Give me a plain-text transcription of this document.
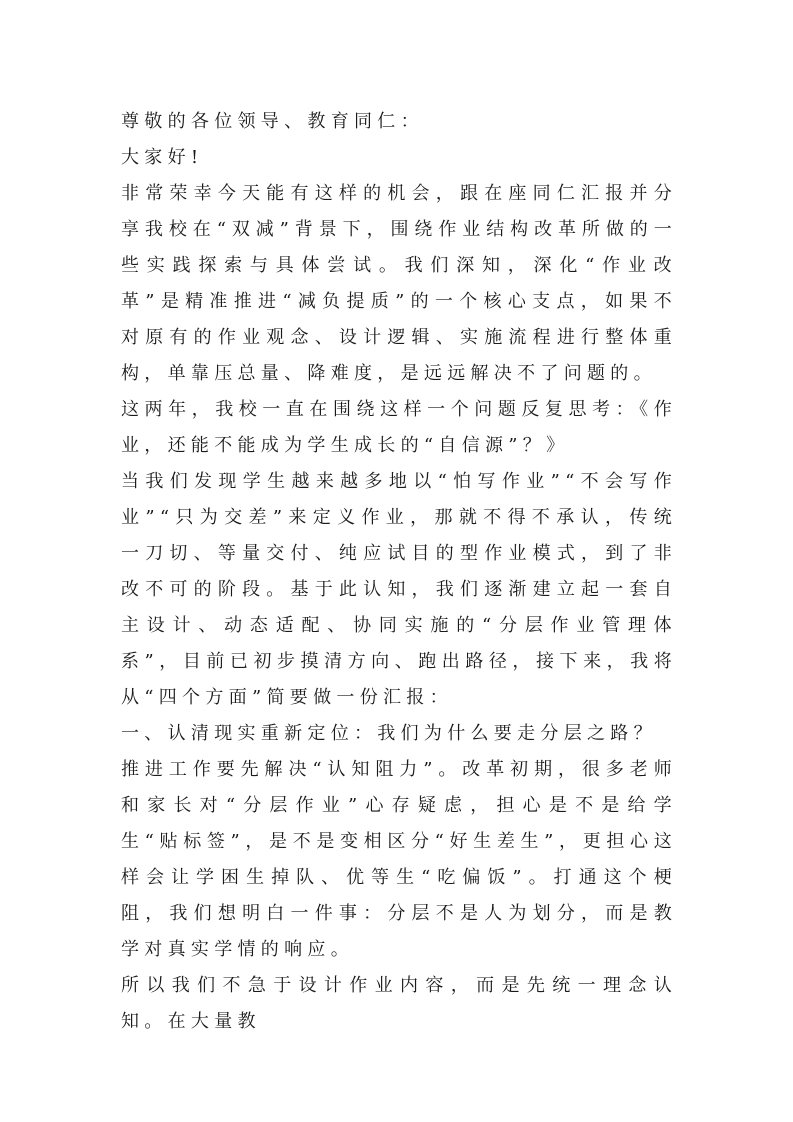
尊敬的各位领导、教育同仁：

大家好!

非常荣幸今天能有这样的机会，跟在座同仁汇报并分享我校在“双减”背景下，围绕作业结构改革所做的一些实践探索与具体尝试。我们深知，深化“作业改革”是精准推进“减负提质”的一个核心支点，如果不对原有的作业观念、设计逻辑、实施流程进行整体重构，单靠压总量、降难度，是远远解决不了问题的。

这两年，我校一直在围绕这样一个问题反复思考：《作业，还能不能成为学生成长的“自信源”？》

当我们发现学生越来越多地以“怕写作业”“不会写作业”“只为交差”来定义作业，那就不得不承认，传统一刀切、等量交付、纯应试目的型作业模式，到了非改不可的阶段。基于此认知，我们逐渐建立起一套自主设计、动态适配、协同实施的“分层作业管理体系”，目前已初步摸清方向、跑出路径，接下来，我将从“四个方面”简要做一份汇报：

一、认清现实重新定位：我们为什么要走分层之路？

推进工作要先解决“认知阻力”。改革初期，很多老师和家长对“分层作业”心存疑虑，担心是不是给学生“贴标签”，是不是变相区分“好生差生”，更担心这样会让学困生掉队、优等生“吃偏饭”。打通这个梗阻，我们想明白一件事：分层不是人为划分，而是教学对真实学情的响应。

所以我们不急于设计作业内容，而是先统一理念认知。在大量教
